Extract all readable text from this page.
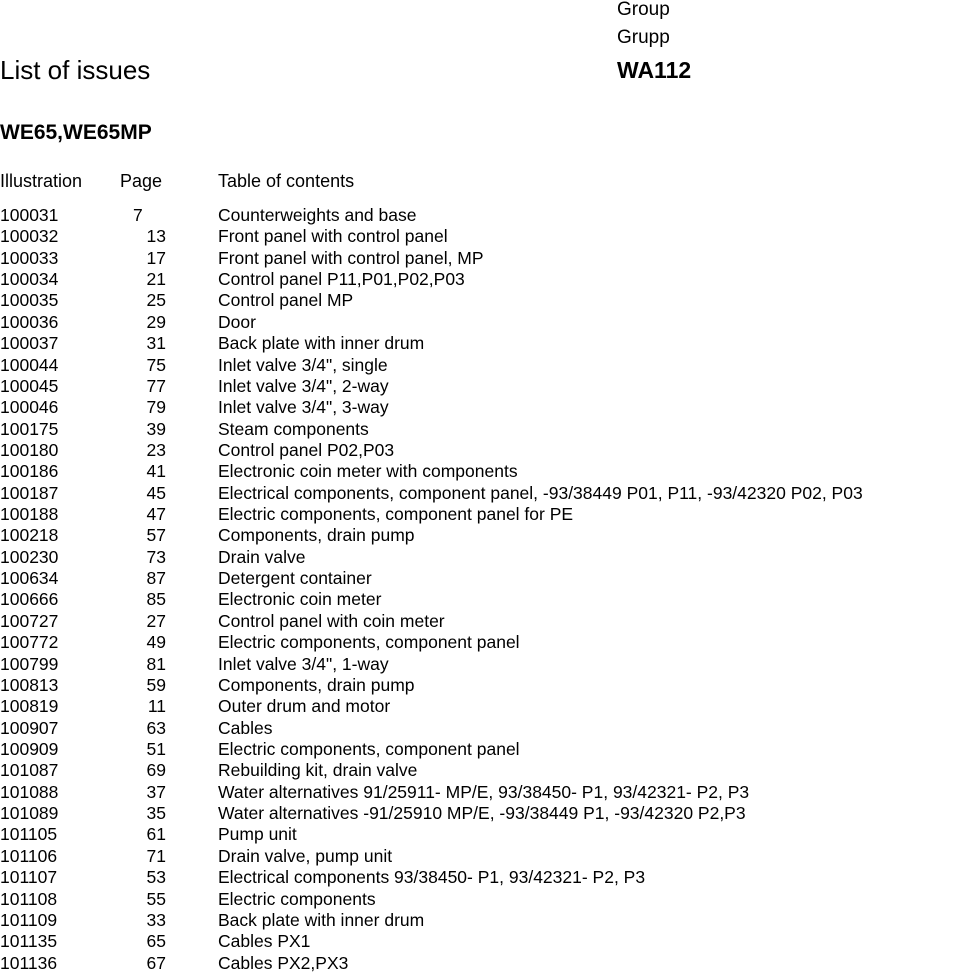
Group
Grupp
List of issues	WA112
WE65,WE65MP
Illustration Page	Table of contents
100031	7	Counterweights and base
100032	13	Front panel with control panel
100033	17	Front panel with control panel, MP
100034	21	Control panel P11,P01,P02,P03
100035	25	Control panel MP
100036	29	Door
100037	31	Back plate with inner drum
100044	75	Inlet valve 3/4", single
100045	77	Inlet valve 3/4", 2-way
100046	79	Inlet valve 3/4", 3-way
100175	39	Steam components
100180	23	Control panel P02,P03
100186	41	Electronic coin meter with components
100187	45	Electrical components, component panel, -93/38449 P01, P11, -93/42320 P02, P03
100188	47	Electric components, component panel for PE
100218	57	Components, drain pump
100230	73	Drain valve
100634	87	Detergent container
100666	85	Electronic coin meter
100727	27	Control panel with coin meter
100772	49	Electric components, component panel
100799	81	Inlet valve 3/4", 1-way
100813	59	Components, drain pump
100819	11	Outer drum and motor
100907	63	Cables
100909	51	Electric components, component panel
101087	69	Rebuilding kit, drain valve
101088	37	Water alternatives 91/25911- MP/E, 93/38450- P1, 93/42321- P2, P3
101089	35	Water alternatives -91/25910 MP/E, -93/38449 P1, -93/42320 P2,P3
101105	61	Pump unit
101106	71	Drain valve, pump unit
101107	53	Electrical components 93/38450- P1, 93/42321- P2, P3
101108	55	Electric components
101109	33	Back plate with inner drum
101135	65	Cables PX1
101136	67	Cables PX2,PX3
